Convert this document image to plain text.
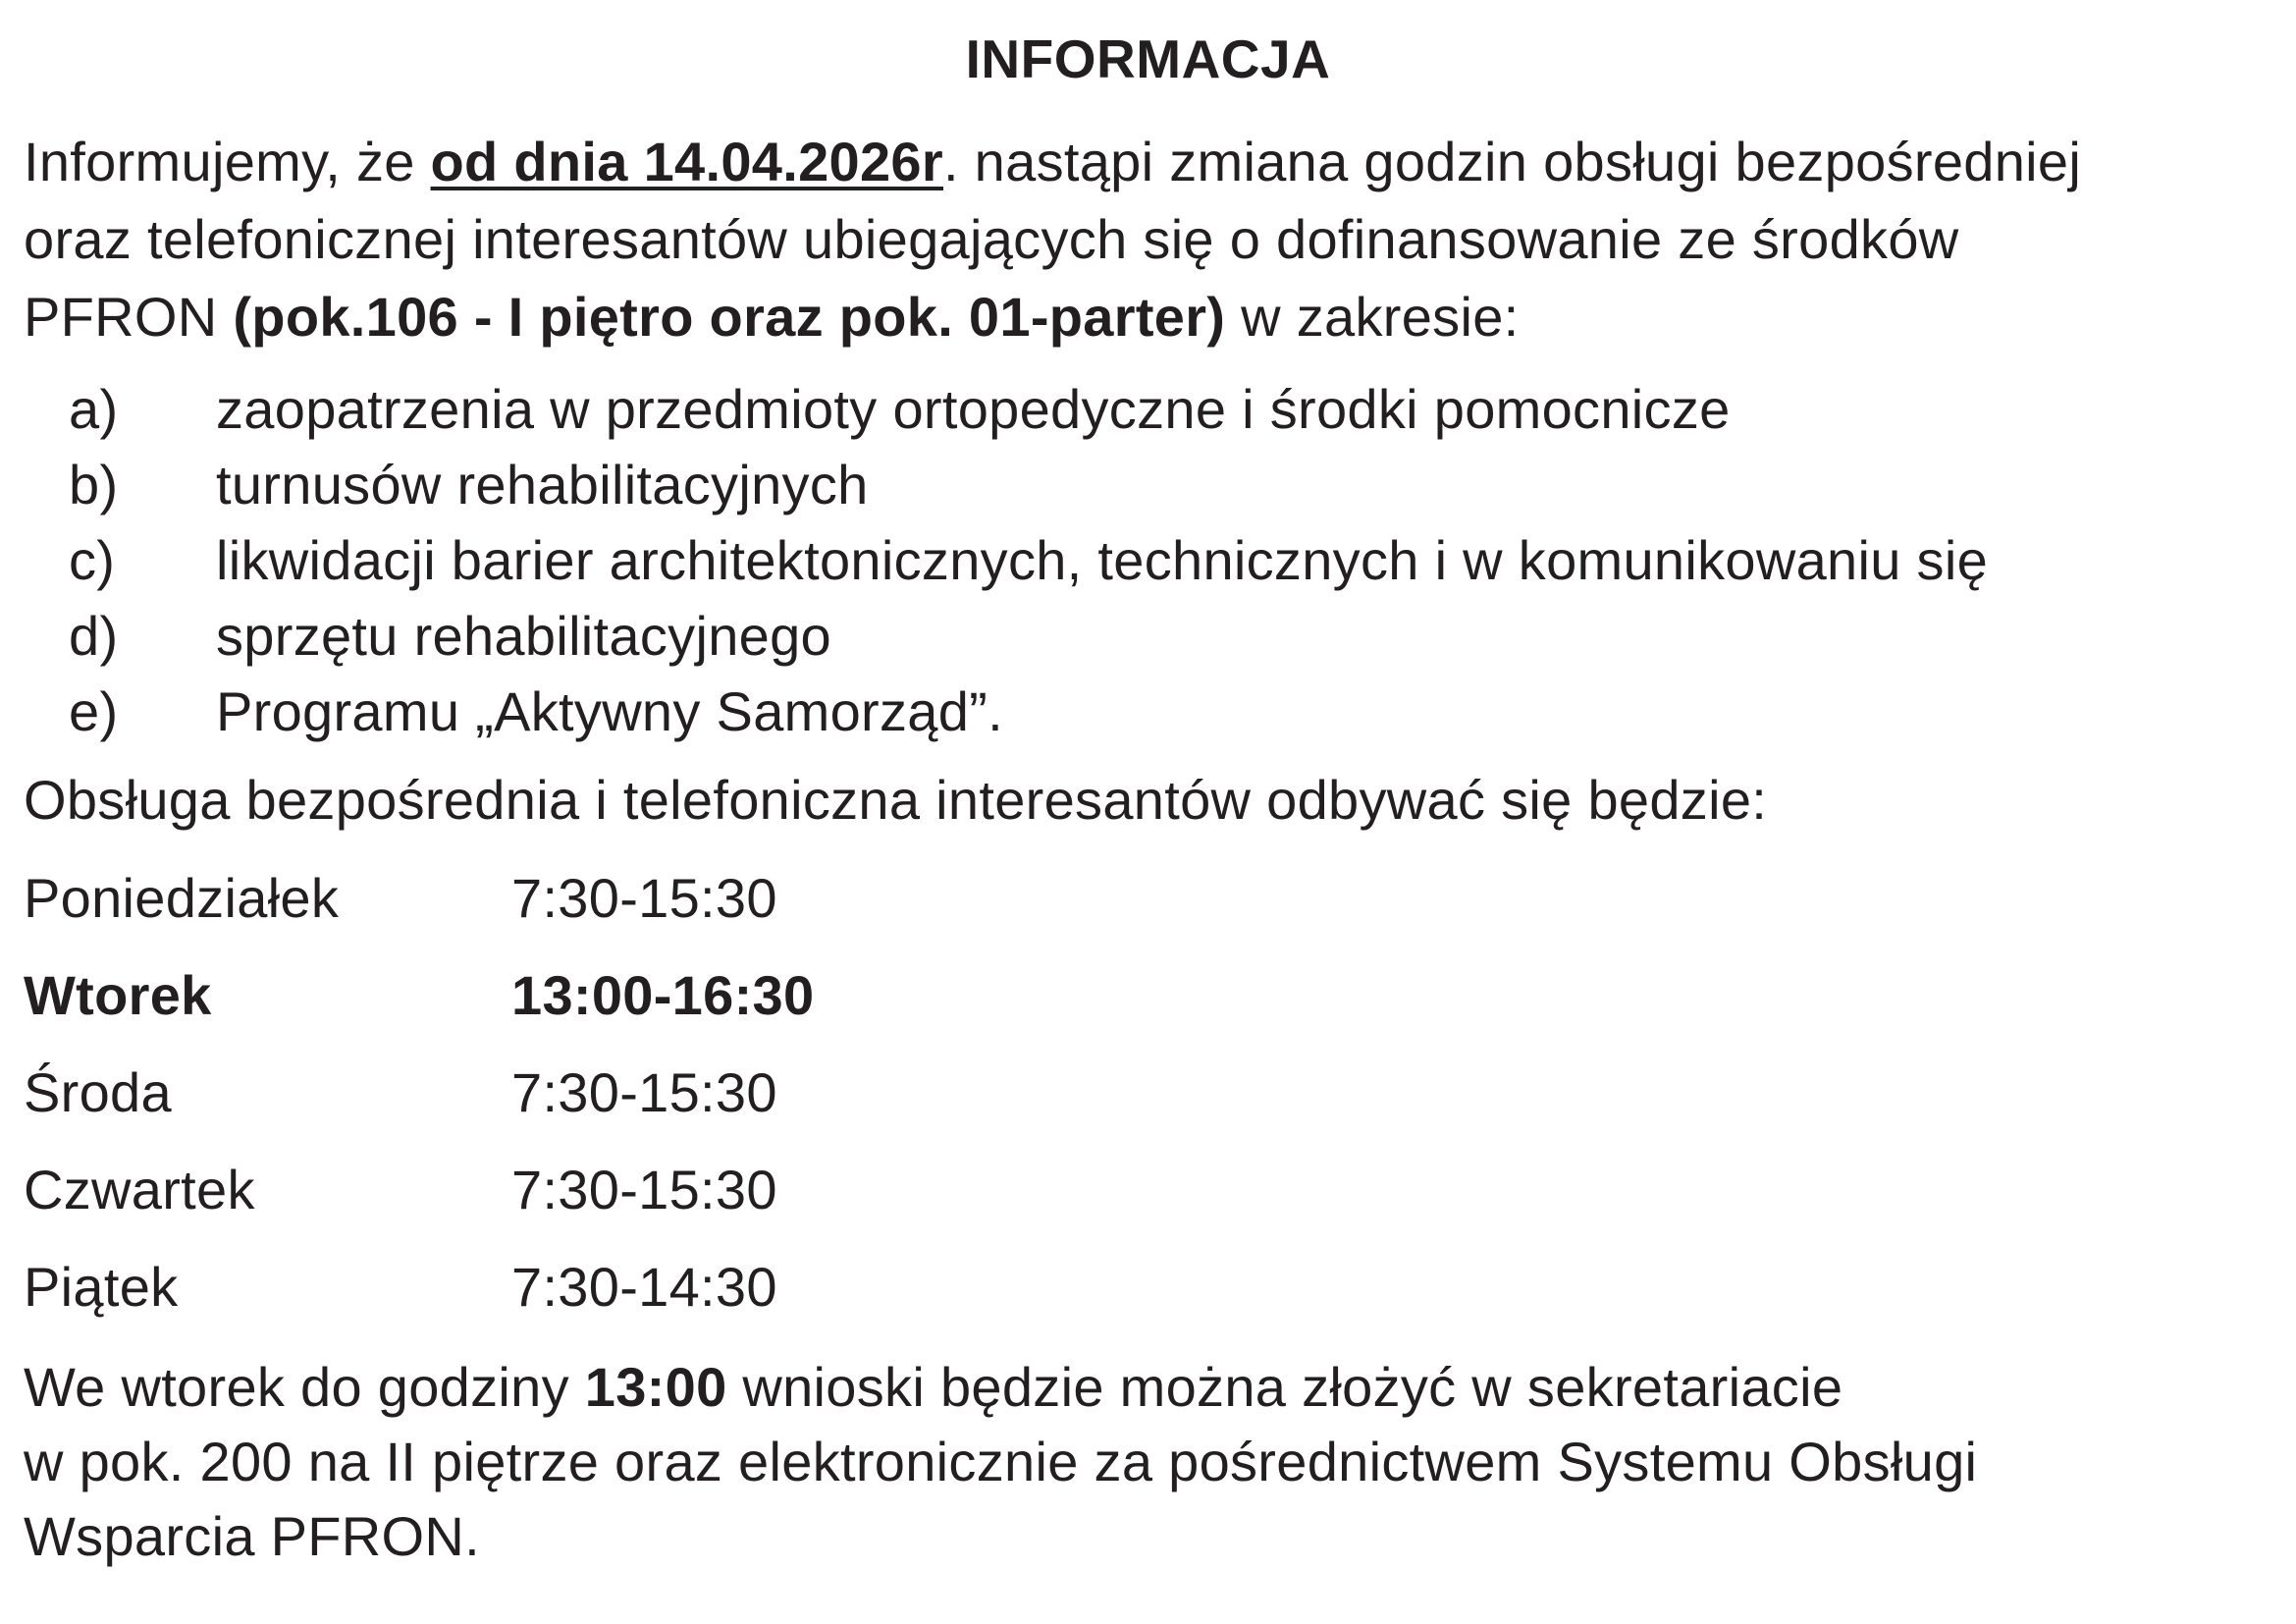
INFORMACJA
Informujemy, że od dnia 14.04.2026r. nastąpi zmiana godzin obsługi bezpośredniej
oraz telefonicznej interesantów ubiegających się o dofinansowanie ze środków
PFRON (pok.106 - I piętro oraz pok. 01-parter) w zakresie:
a)	zaopatrzenia w przedmioty ortopedyczne i środki pomocnicze
b)	turnusów rehabilitacyjnych
c)	likwidacji barier architektonicznych, technicznych i w komunikowaniu się
d)	sprzętu rehabilitacyjnego
e)	Programu „Aktywny Samorząd”.
Obsługa bezpośrednia i telefoniczna interesantów odbywać się będzie:
Poniedziałek	7:30-15:30
Wtorek	13:00-16:30
Środa	7:30-15:30
Czwartek	7:30-15:30
Piątek	7:30-14:30
We wtorek do godziny 13:00 wnioski będzie można złożyć w sekretariacie
w pok. 200 na II piętrze oraz elektronicznie za pośrednictwem Systemu Obsługi
Wsparcia PFRON.
